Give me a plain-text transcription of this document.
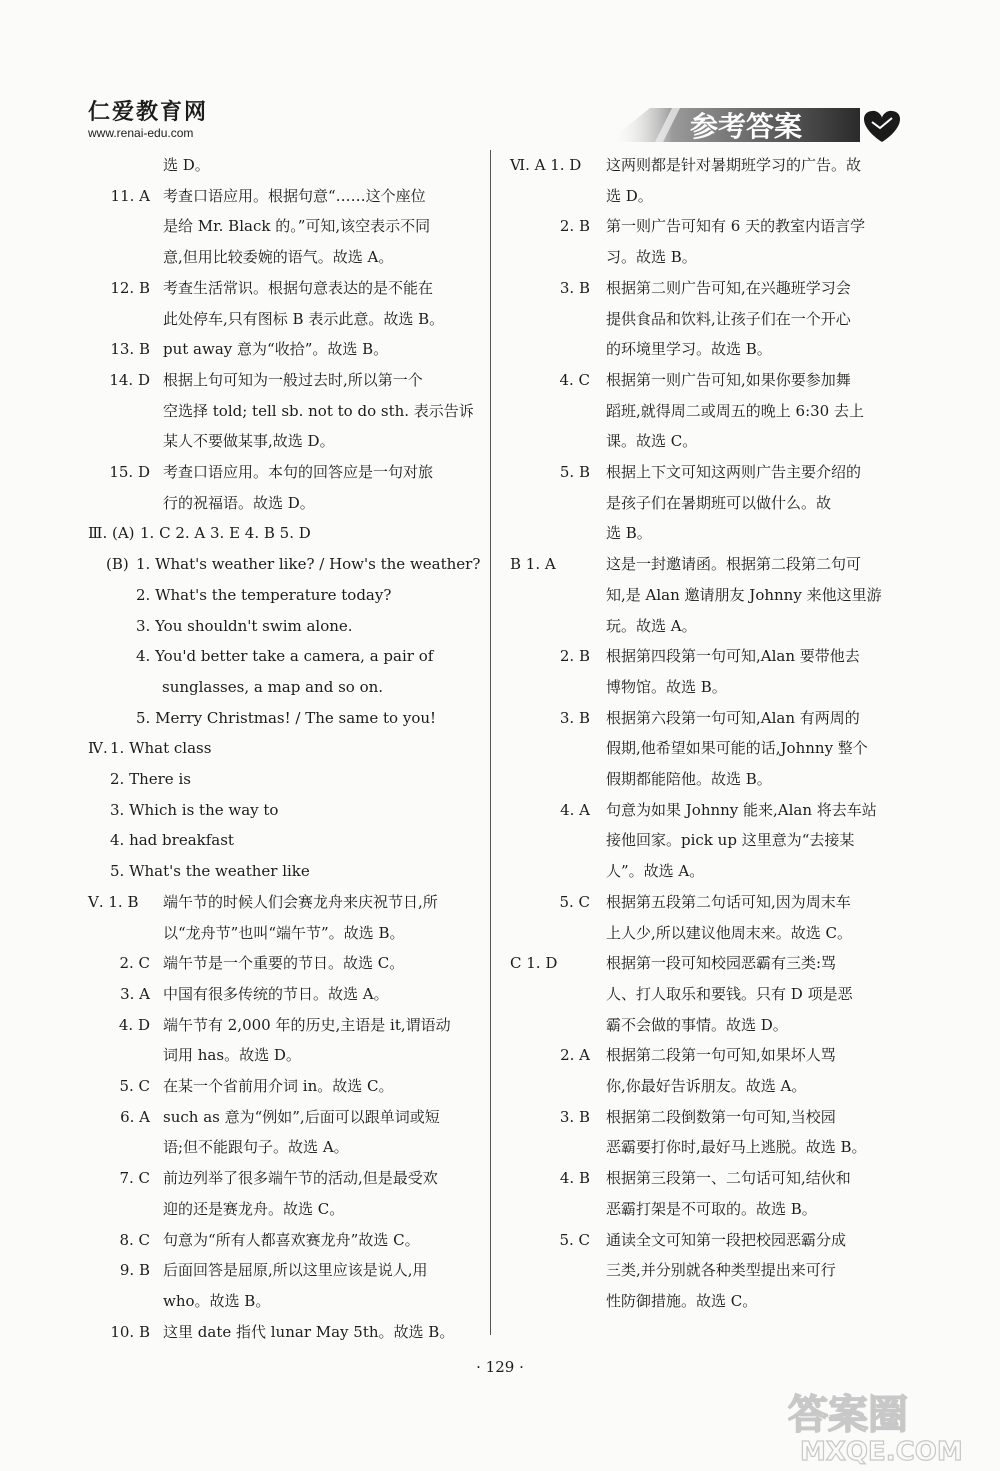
仁爱教育网
www.renai-edu.com	参考答案
选 D。
11. A 考查口语应用。根据句意“……这个座位
是给 Mr. Black 的。”可知,该空表示不同
意,但用比较委婉的语气。故选 A。
12. B 考查生活常识。根据句意表达的是不能在
此处停车,只有图标 B 表示此意。故选 B。
13. B put away 意为“收拾”。故选 B。
14. D 根据上句可知为一般过去时,所以第一个
空选择 told; tell sb. not to do sth. 表示告诉
某人不要做某事,故选 D。
15. D 考查口语应用。本句的回答应是一句对旅
行的祝福语。故选 D。
Ⅲ. (A) 1. C 2. A 3. E 4. B 5. D
(B) 1. What's weather like? / How's the weather?
2. What's the temperature today?
3. You shouldn't swim alone.
4. You'd better take a camera, a pair of
sunglasses, a map and so on.
5. Merry Christmas! / The same to you!
Ⅳ. 1. What class
2. There is
3. Which is the way to
4. had breakfast
5. What's the weather like
Ⅴ. 1. B 端午节的时候人们会赛龙舟来庆祝节日,所
以“龙舟节”也叫“端午节”。故选 B。
2. C 端午节是一个重要的节日。故选 C。
3. A 中国有很多传统的节日。故选 A。
4. D 端午节有 2,000 年的历史,主语是 it,谓语动
词用 has。故选 D。
5. C 在某一个省前用介词 in。故选 C。
6. A such as 意为“例如”,后面可以跟单词或短
语;但不能跟句子。故选 A。
7. C 前边列举了很多端午节的活动,但是最受欢
迎的还是赛龙舟。故选 C。
8. C 句意为“所有人都喜欢赛龙舟”故选 C。
9. B 后面回答是屈原,所以这里应该是说人,用
who。故选 B。
10. B 这里 date 指代 lunar May 5th。故选 B。
Ⅵ. A 1. D 这两则都是针对暑期班学习的广告。故
选 D。
2. B 第一则广告可知有 6 天的教室内语言学
习。故选 B。
3. B 根据第二则广告可知,在兴趣班学习会
提供食品和饮料,让孩子们在一个开心
的环境里学习。故选 B。
4. C 根据第一则广告可知,如果你要参加舞
蹈班,就得周二或周五的晚上 6:30 去上
课。故选 C。
5. B 根据上下文可知这两则广告主要介绍的
是孩子们在暑期班可以做什么。故
选 B。
B 1. A	这是一封邀请函。根据第二段第二句可
知,是 Alan 邀请朋友 Johnny 来他这里游
玩。故选 A。
2. B 根据第四段第一句可知,Alan 要带他去
博物馆。故选 B。
3. B 根据第六段第一句可知,Alan 有两周的
假期,他希望如果可能的话,Johnny 整个
假期都能陪他。故选 B。
4. A 句意为如果 Johnny 能来,Alan 将去车站
接他回家。pick up 这里意为“去接某
人”。故选 A。
5. C 根据第五段第二句话可知,因为周末车
上人少,所以建议他周末来。故选 C。
C 1. D	根据第一段可知校园恶霸有三类:骂
人、打人取乐和要钱。只有 D 项是恶
霸不会做的事情。故选 D。
2. A 根据第二段第一句可知,如果坏人骂
你,你最好告诉朋友。故选 A。
3. B 根据第二段倒数第一句可知,当校园
恶霸要打你时,最好马上逃脱。故选 B。
4. B 根据第三段第一、二句话可知,结伙和
恶霸打架是不可取的。故选 B。
5. C 通读全文可知第一段把校园恶霸分成
三类,并分别就各种类型提出来可行
性防御措施。故选 C。
· 129 ·
答案圈
MXQE.COM
